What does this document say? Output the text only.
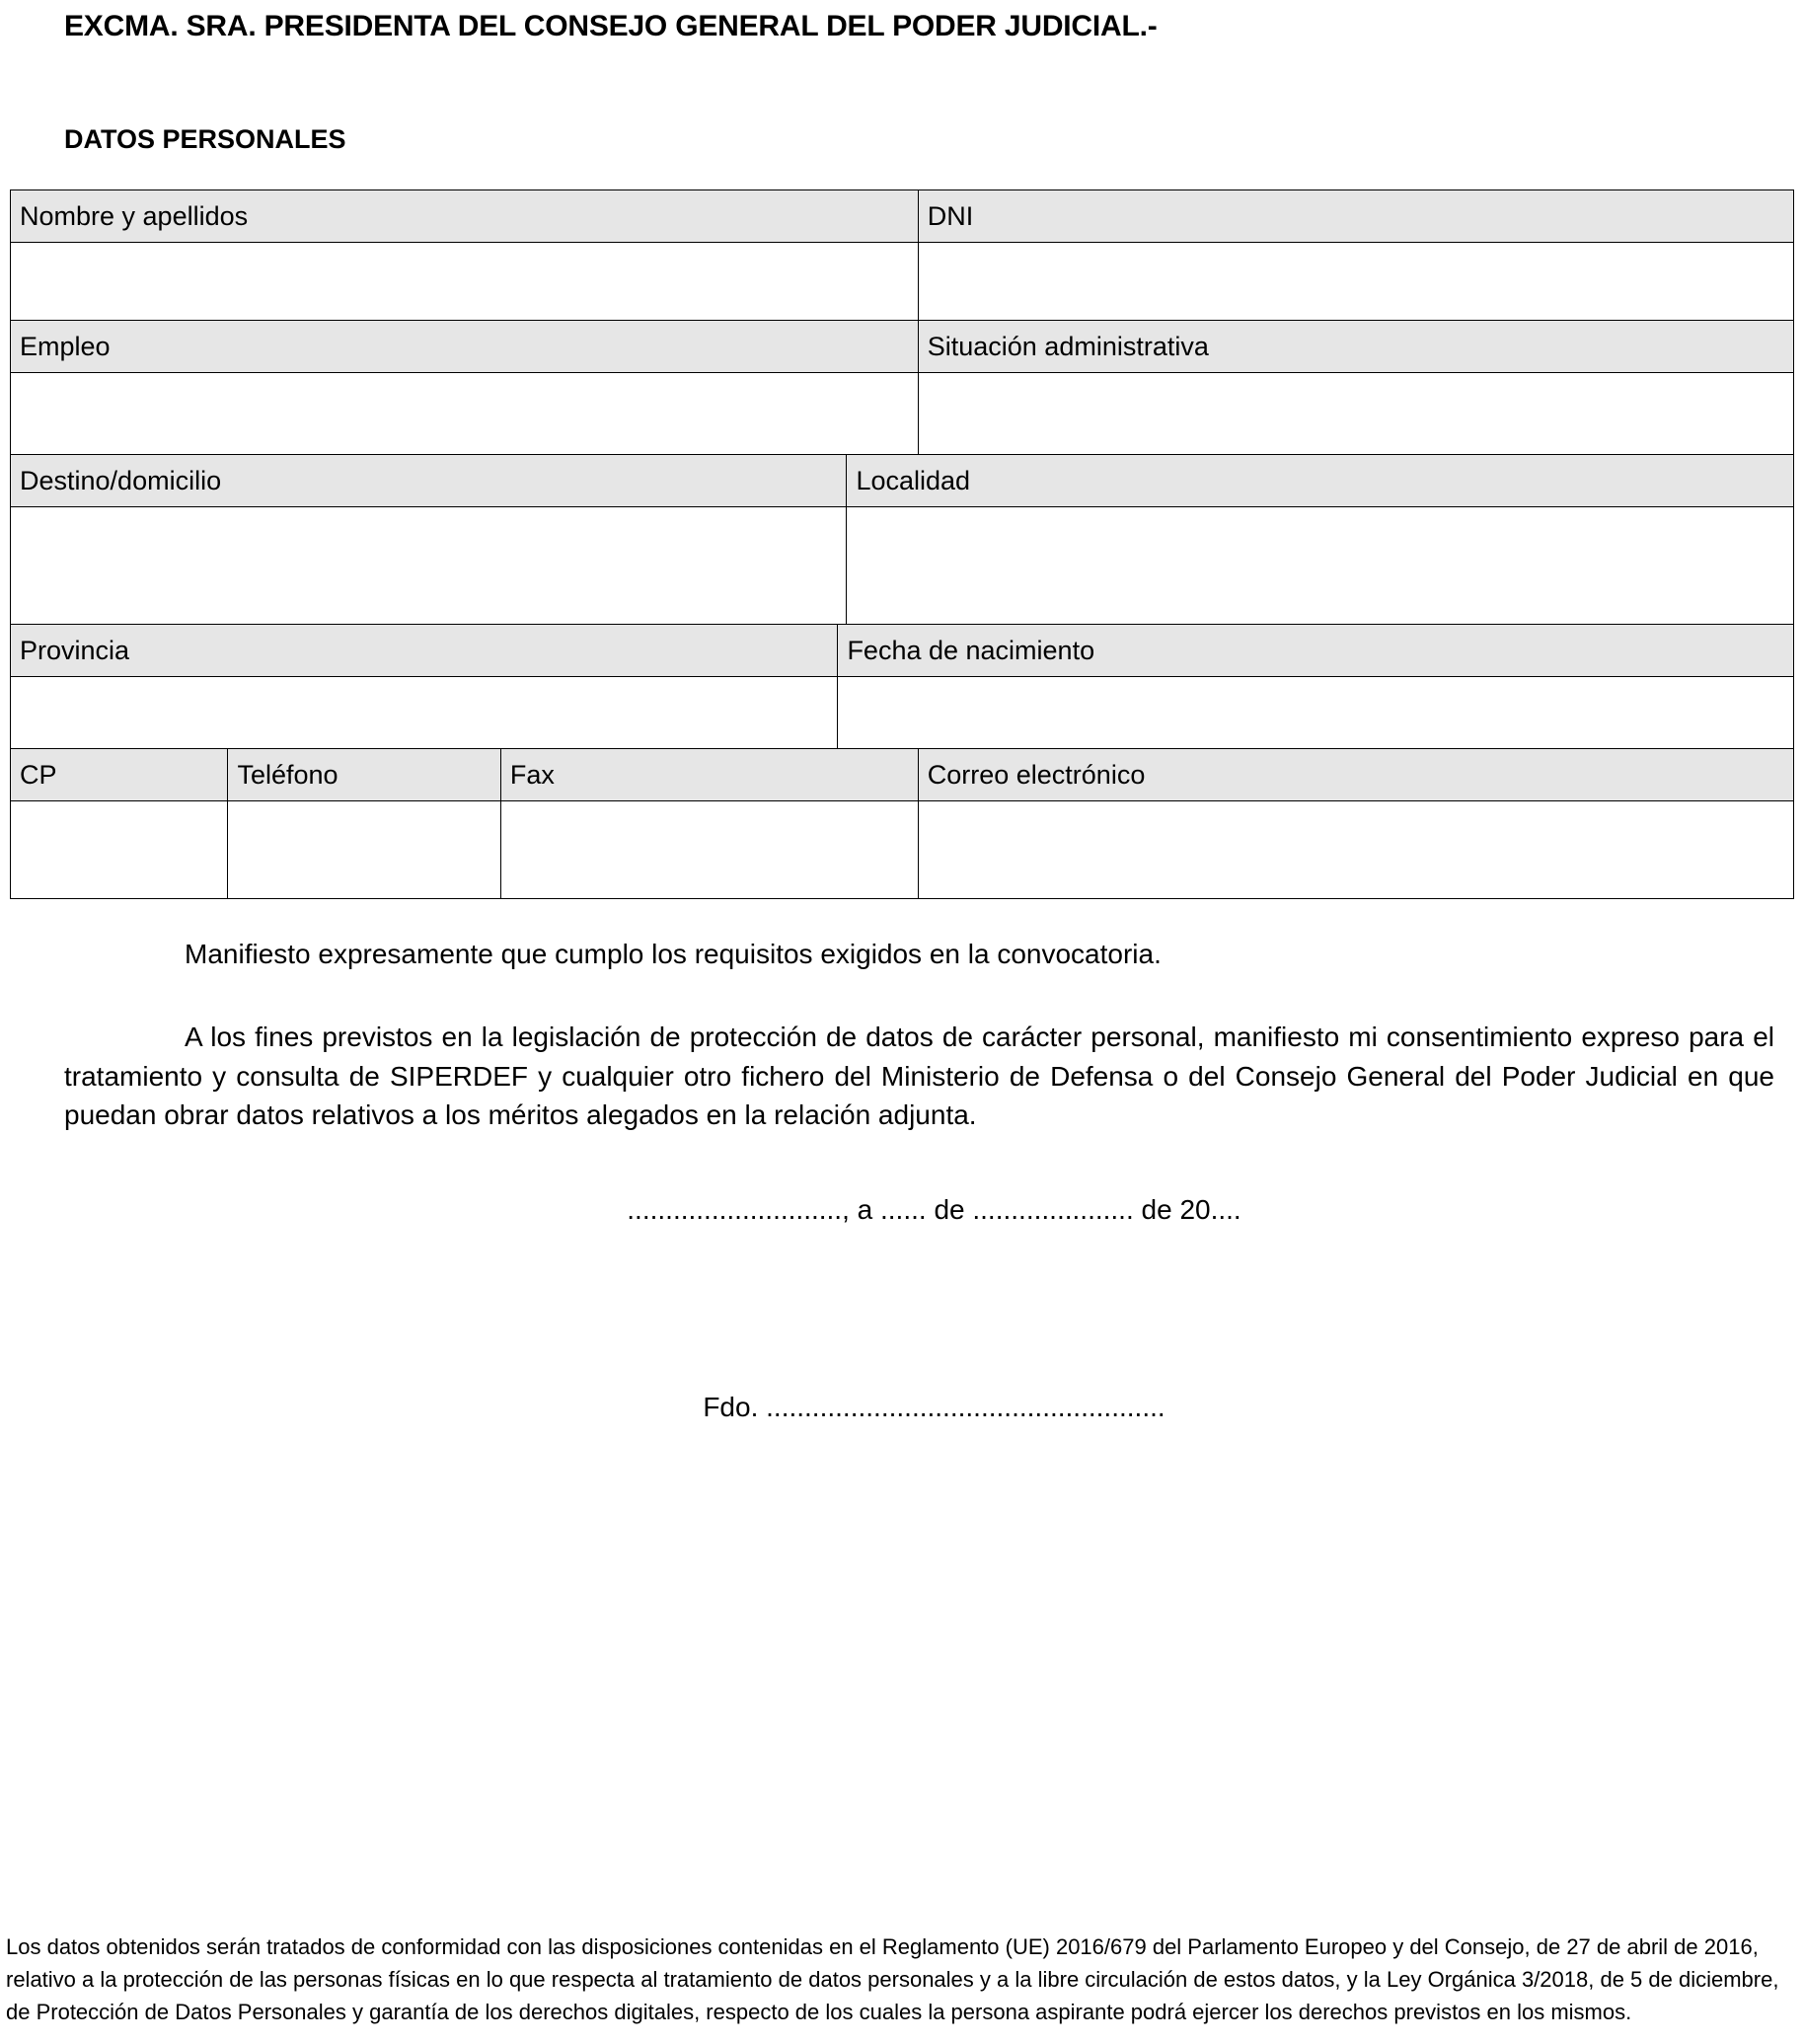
EXCMA. SRA. PRESIDENTA DEL CONSEJO GENERAL DEL PODER JUDICIAL.-
DATOS PERSONALES
Nombre y apellidos					DNI

Empleo					Situación administrativa

Destino/domicilio				Localidad	

Provincia			Fecha de nacimiento		

CP	Teléfono	Fax			Correo electrónico

Manifiesto expresamente que cumplo los requisitos exigidos en la convocatoria.

A los fines previstos en la legislación de protección de datos de carácter personal, manifiesto mi consentimiento expreso para el tratamiento y consulta de SIPERDEF y cualquier otro fichero del Ministerio de Defensa o del Consejo General del Poder Judicial en que puedan obrar datos relativos a los méritos alegados en la relación adjunta.

............................, a ...... de ..................... de 20....

Fdo. ....................................................

Los datos obtenidos serán tratados de conformidad con las disposiciones contenidas en el Reglamento (UE) 2016/679 del Parlamento Europeo y del Consejo, de 27 de abril de 2016, relativo a la protección de las personas físicas en lo que respecta al tratamiento de datos personales y a la libre circulación de estos datos, y la Ley Orgánica 3/2018, de 5 de diciembre, de Protección de Datos Personales y garantía de los derechos digitales, respecto de los cuales la persona aspirante podrá ejercer los derechos previstos en los mismos.
